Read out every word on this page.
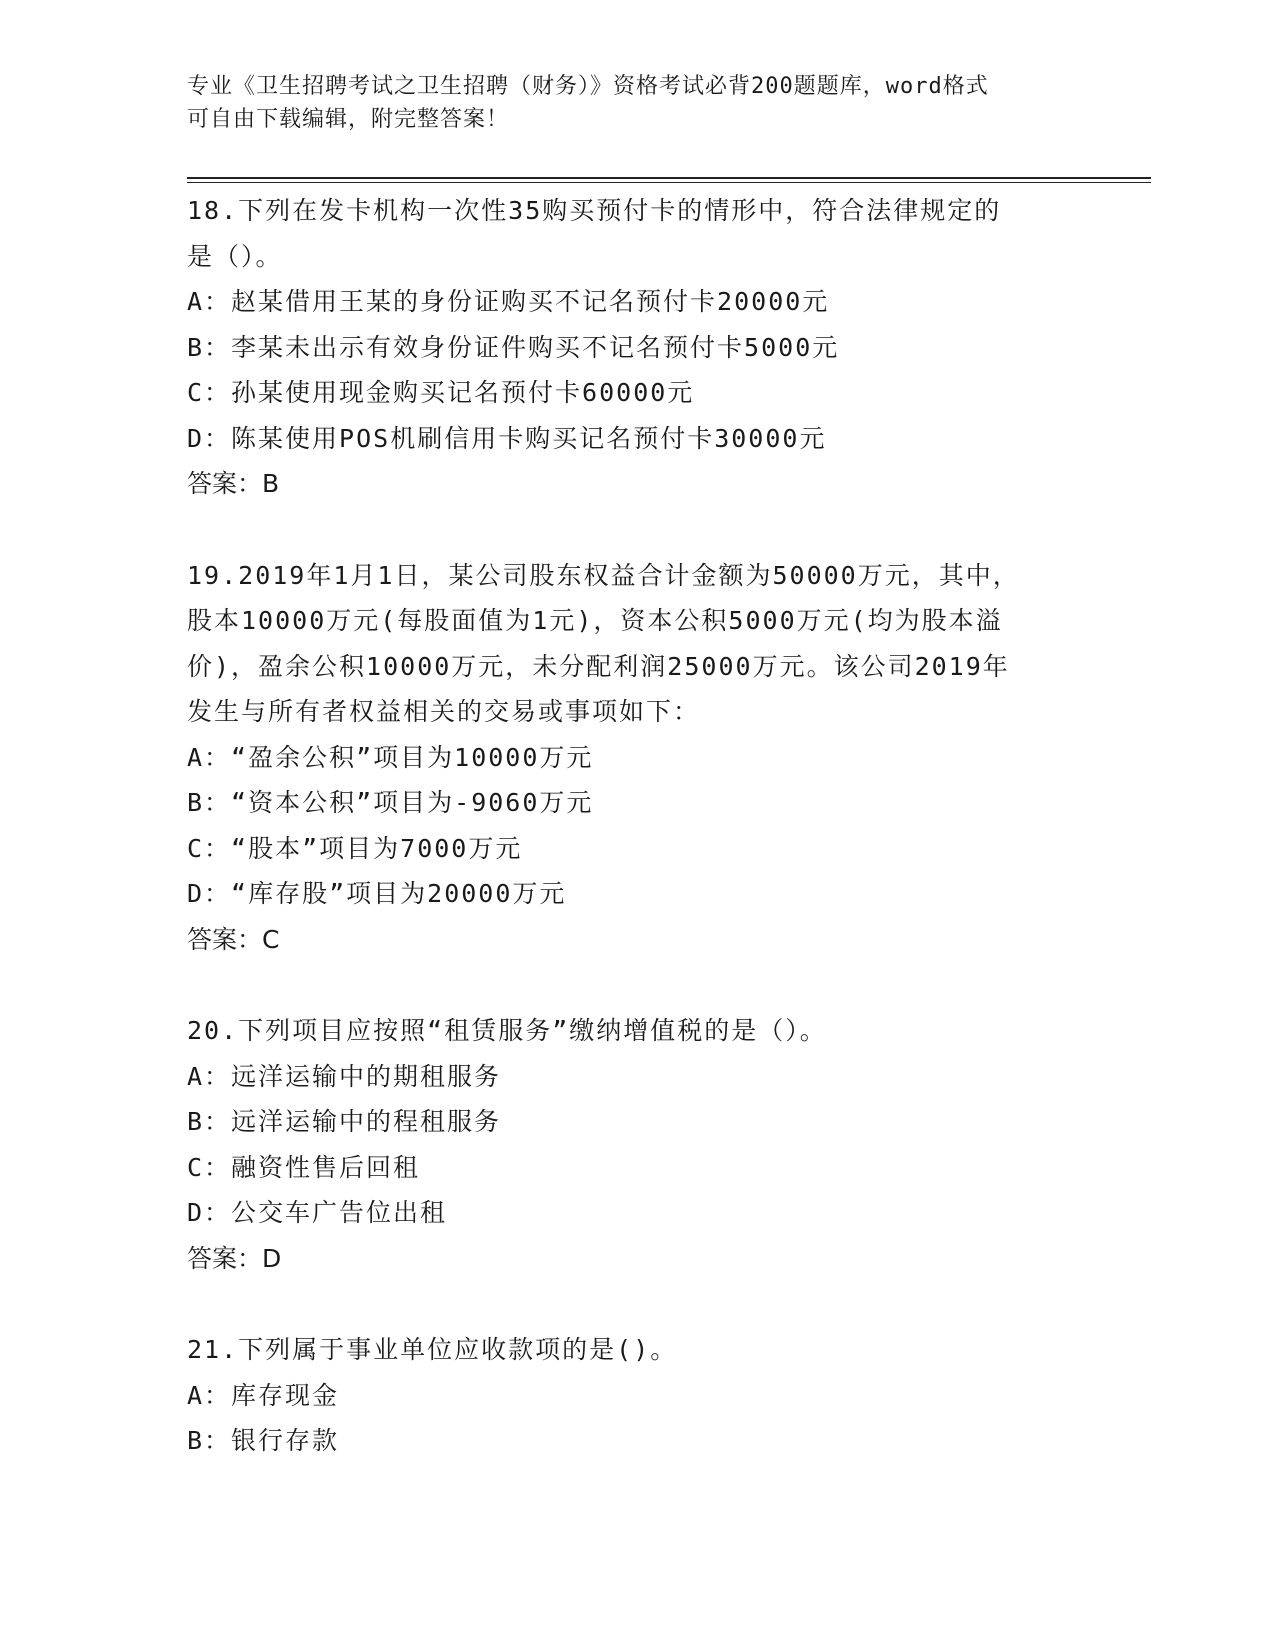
专业《卫生招聘考试之卫生招聘（财务）》资格考试必背200题题库，word格式

可自由下载编辑，附完整答案！

18.下列在发卡机构一次性35购买预付卡的情形中，符合法律规定的
是（）。
A：赵某借用王某的身份证购买不记名预付卡20000元
B：李某未出示有效身份证件购买不记名预付卡5000元
C：孙某使用现金购买记名预付卡60000元
D：陈某使用POS机刷信用卡购买记名预付卡30000元
答案：B
19.2019年1月1日，某公司股东权益合计金额为50000万元，其中，
股本10000万元(每股面值为1元)，资本公积5000万元(均为股本溢
价)，盈余公积10000万元，未分配利润25000万元。该公司2019年
发生与所有者权益相关的交易或事项如下：
A：“盈余公积”项目为10000万元
B：“资本公积”项目为-9060万元
C：“股本”项目为7000万元
D：“库存股”项目为20000万元
答案：C
20.下列项目应按照“租赁服务”缴纳增值税的是（）。
A：远洋运输中的期租服务
B：远洋运输中的程租服务
C：融资性售后回租
D：公交车广告位出租
答案：D
21.下列属于事业单位应收款项的是()。
A：库存现金
B：银行存款
